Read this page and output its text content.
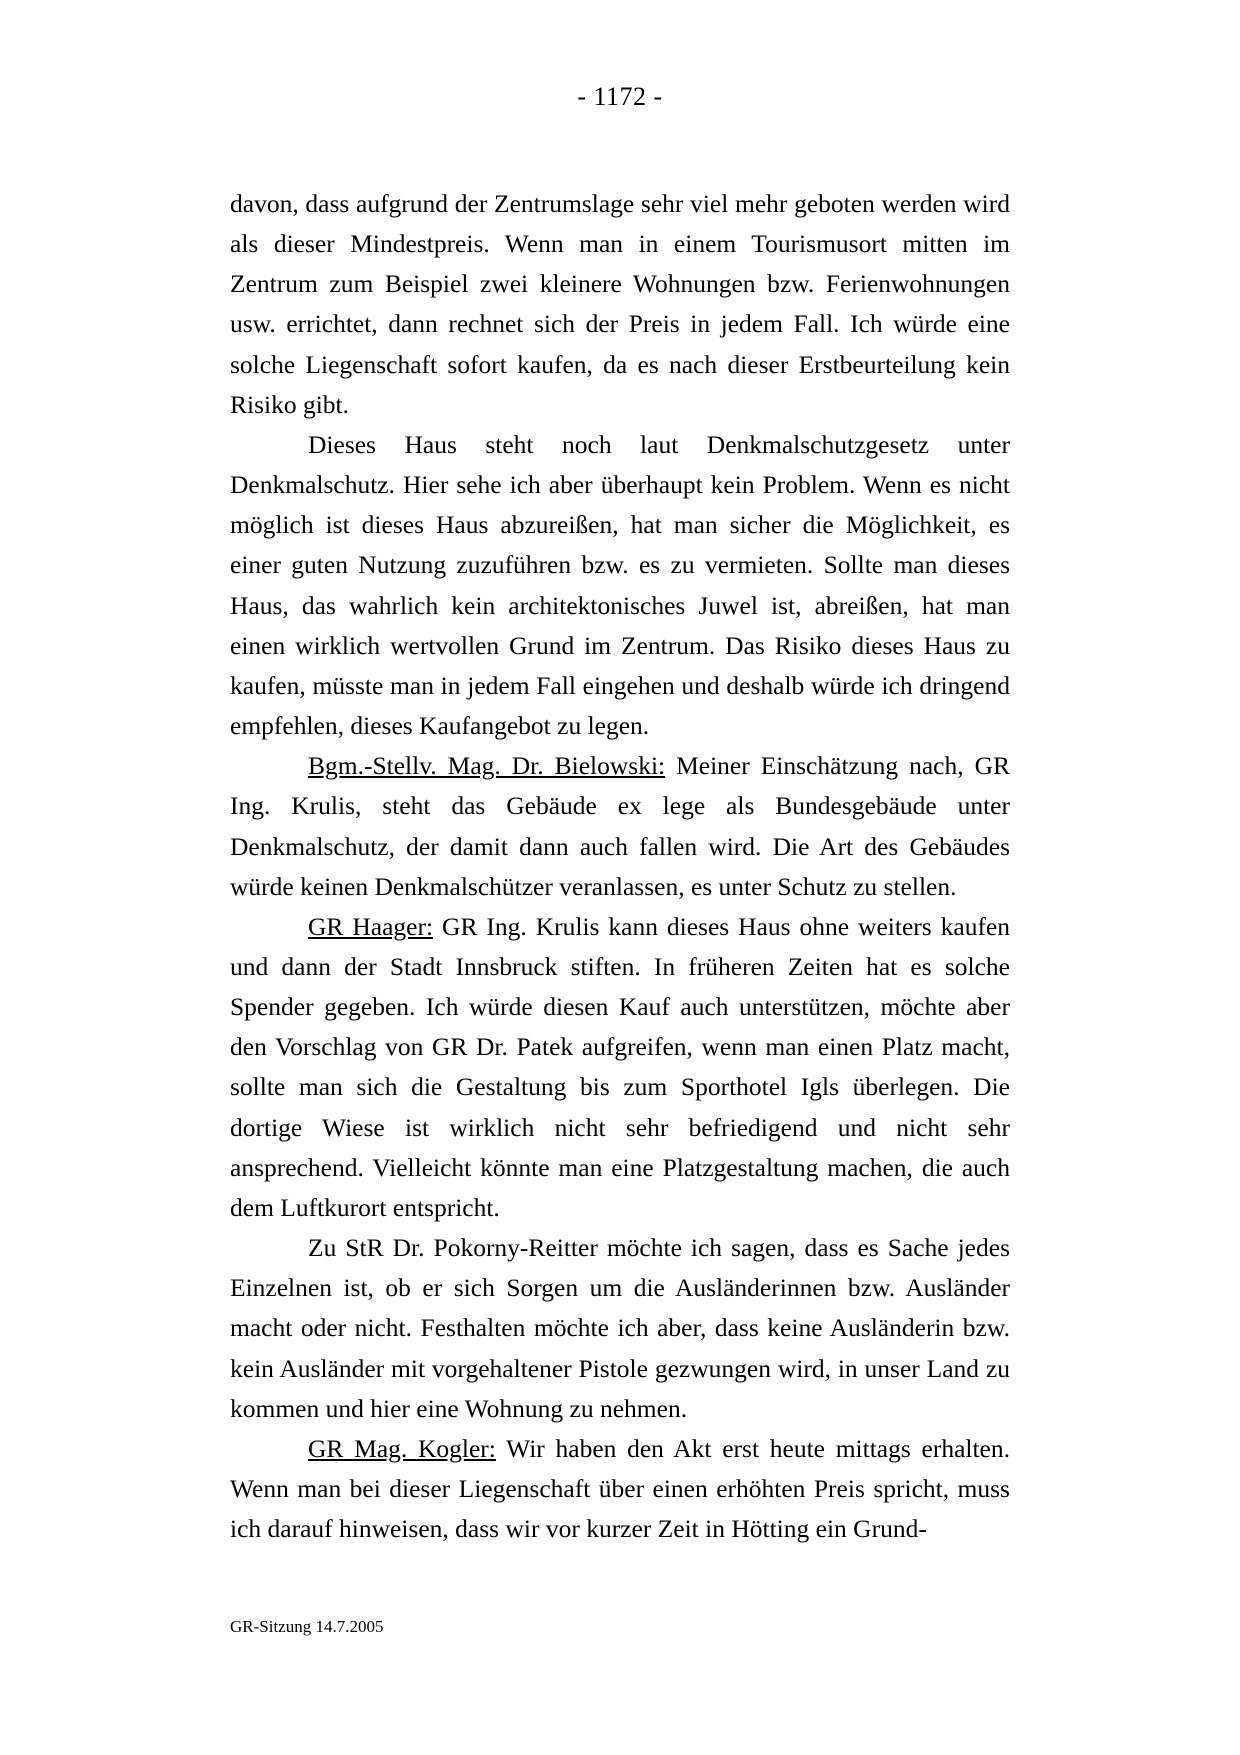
- 1172 -

davon, dass aufgrund der Zentrumslage sehr viel mehr geboten werden wird als dieser Mindestpreis. Wenn man in einem Tourismusort mitten im Zentrum zum Beispiel zwei kleinere Wohnungen bzw. Ferienwohnungen usw. errichtet, dann rechnet sich der Preis in jedem Fall. Ich würde eine solche Liegenschaft sofort kaufen, da es nach dieser Erstbeurteilung kein Risiko gibt.

Dieses Haus steht noch laut Denkmalschutzgesetz unter Denkmalschutz. Hier sehe ich aber überhaupt kein Problem. Wenn es nicht möglich ist dieses Haus abzureißen, hat man sicher die Möglichkeit, es einer guten Nutzung zuzuführen bzw. es zu vermieten. Sollte man dieses Haus, das wahrlich kein architektonisches Juwel ist, abreißen, hat man einen wirklich wertvollen Grund im Zentrum. Das Risiko dieses Haus zu kaufen, müsste man in jedem Fall eingehen und deshalb würde ich dringend empfehlen, dieses Kaufangebot zu legen.

Bgm.-Stellv. Mag. Dr. Bielowski: Meiner Einschätzung nach, GR Ing. Krulis, steht das Gebäude ex lege als Bundesgebäude unter Denkmalschutz, der damit dann auch fallen wird. Die Art des Gebäudes würde keinen Denkmalschützer veranlassen, es unter Schutz zu stellen.

GR Haager: GR Ing. Krulis kann dieses Haus ohne weiters kaufen und dann der Stadt Innsbruck stiften. In früheren Zeiten hat es solche Spender gegeben. Ich würde diesen Kauf auch unterstützen, möchte aber den Vorschlag von GR Dr. Patek aufgreifen, wenn man einen Platz macht, sollte man sich die Gestaltung bis zum Sporthotel Igls überlegen. Die dortige Wiese ist wirklich nicht sehr befriedigend und nicht sehr ansprechend. Vielleicht könnte man eine Platzgestaltung machen, die auch dem Luftkurort entspricht.

Zu StR Dr. Pokorny-Reitter möchte ich sagen, dass es Sache jedes Einzelnen ist, ob er sich Sorgen um die Ausländerinnen bzw. Ausländer macht oder nicht. Festhalten möchte ich aber, dass keine Ausländerin bzw. kein Ausländer mit vorgehaltener Pistole gezwungen wird, in unser Land zu kommen und hier eine Wohnung zu nehmen.

GR Mag. Kogler: Wir haben den Akt erst heute mittags erhalten. Wenn man bei dieser Liegenschaft über einen erhöhten Preis spricht, muss ich darauf hinweisen, dass wir vor kurzer Zeit in Hötting ein Grund-

GR-Sitzung 14.7.2005
